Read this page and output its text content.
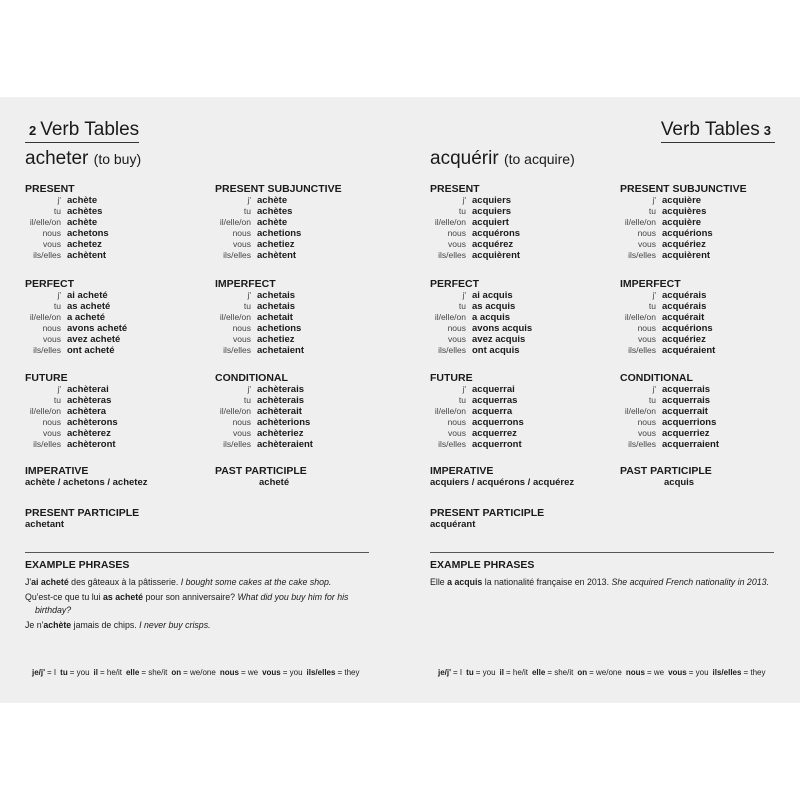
2 Verb Tables
acheter (to buy)
PRESENT
j' achète
tu achètes
il/elle/on achète
nous achetons
vous achetez
ils/elles achètent
PRESENT SUBJUNCTIVE
j' achète
tu achètes
il/elle/on achète
nous achetions
vous achetiez
ils/elles achètent
PERFECT
j' ai acheté
tu as acheté
il/elle/on a acheté
nous avons acheté
vous avez acheté
ils/elles ont acheté
IMPERFECT
j' achetais
tu achetais
il/elle/on achetait
nous achetions
vous achetiez
ils/elles achetaient
FUTURE
j' achèterai
tu achèteras
il/elle/on achètera
nous achèterons
vous achèterez
ils/elles achèteront
CONDITIONAL
j' achèterais
tu achèterais
il/elle/on achèterait
nous achèterions
vous achèteriez
ils/elles achèteraient
IMPERATIVE
achète / achetons / achetez
PAST PARTICIPLE
acheté
PRESENT PARTICIPLE
achetant
EXAMPLE PHRASES
J'ai acheté des gâteaux à la pâtisserie. I bought some cakes at the cake shop.
Qu'est-ce que tu lui as acheté pour son anniversaire? What did you buy him for his
birthday?
Je n'achète jamais de chips. I never buy crisps.
je/j' = I tu = you il = he/it elle = she/it on = we/one nous = we vous = you ils/elles = they
Verb Tables 3
acquérir (to acquire)
PRESENT
j' acquiers
tu acquiers
il/elle/on acquiert
nous acquérons
vous acquérez
ils/elles acquièrent
PRESENT SUBJUNCTIVE
j' acquière
tu acquières
il/elle/on acquière
nous acquérions
vous acquériez
ils/elles acquièrent
PERFECT
j' ai acquis
tu as acquis
il/elle/on a acquis
nous avons acquis
vous avez acquis
ils/elles ont acquis
IMPERFECT
j' acquérais
tu acquérais
il/elle/on acquérait
nous acquérions
vous acquériez
ils/elles acquéraient
FUTURE
j' acquerrai
tu acquerras
il/elle/on acquerra
nous acquerrons
vous acquerrez
ils/elles acquerront
CONDITIONAL
j' acquerrais
tu acquerrais
il/elle/on acquerrait
nous acquerrions
vous acquerriez
ils/elles acquerraient
IMPERATIVE
acquiers / acquérons / acquérez
PAST PARTICIPLE
acquis
PRESENT PARTICIPLE
acquérant
EXAMPLE PHRASES
Elle a acquis la nationalité française en 2013. She acquired French nationality in 2013.
je/j' = I tu = you il = he/it elle = she/it on = we/one nous = we vous = you ils/elles = they
